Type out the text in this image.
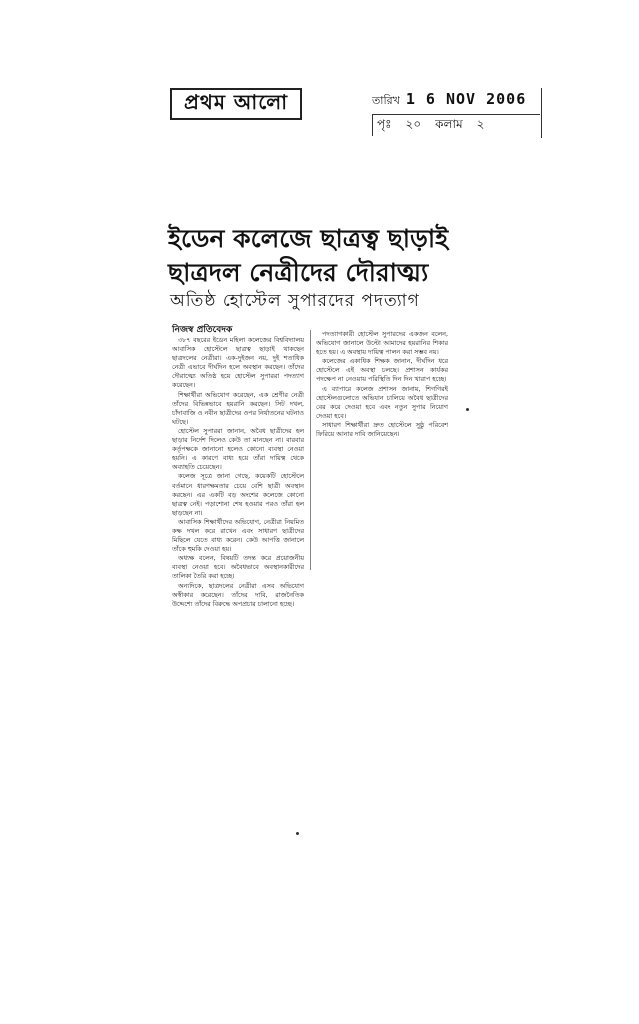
প্রথম আলো	তারিখ 1 6 NOV 2006
পৃঃ ২০ কলাম ২
ইডেন কলেজে ছাত্রত্ব ছাড়াই
ছাত্রদল নেত্রীদের দৌরাত্ম্য
অতিষ্ঠ হোস্টেল সুপারদের পদত্যাগ
নিজস্ব প্রতিবেদক

৩৮৭ বছরের ইডেন মহিলা কলেজের বিশ্ববিদ্যালয় আবাসিক হোস্টেলে ছাত্রত্ব ছাড়াই থাকছেন ছাত্রদলের নেত্রীরা। এক-দুইজন নয়, দুই শতাধিক নেত্রী এভাবে দীর্ঘদিন হলে অবস্থান করছেন। তাঁদের দৌরাত্ম্যে অতিষ্ঠ হয়ে হোস্টেল সুপাররা পদত্যাগ করেছেন।

শিক্ষার্থীরা অভিযোগ করেছেন, এক শ্রেণীর নেত্রী তাঁদের বিভিন্নভাবে হয়রানি করছেন। সিট দখল, চাঁদাবাজি ও নবীন ছাত্রীদের ওপর নির্যাতনের ঘটনাও ঘটছে।

হোস্টেল সুপাররা জানান, অবৈধ ছাত্রীদের হল ছাড়ার নির্দেশ দিলেও কেউ তা মানছেন না। বারবার কর্তৃপক্ষকে জানানো হলেও কোনো ব্যবস্থা নেওয়া হয়নি। এ কারণে বাধ্য হয়ে তাঁরা দায়িত্ব থেকে অব্যাহতি চেয়েছেন।

কলেজ সূত্রে জানা গেছে, কয়েকটি হোস্টেলে বর্তমানে ধারণক্ষমতার চেয়ে বেশি ছাত্রী অবস্থান করছেন। এর একটি বড় অংশের কলেজে কোনো ছাত্রত্ব নেই। পড়াশোনা শেষ হওয়ার পরও তাঁরা হল ছাড়ছেন না।

আবাসিক শিক্ষার্থীদের অভিযোগ, নেত্রীরা নিয়মিত কক্ষ দখল করে রাখেন এবং সাধারণ ছাত্রীদের মিছিলে যেতে বাধ্য করেন। কেউ আপত্তি জানালে তাঁকে হুমকি দেওয়া হয়।

অধ্যক্ষ বলেন, বিষয়টি তদন্ত করে প্রয়োজনীয় ব্যবস্থা নেওয়া হবে। অবৈধভাবে অবস্থানকারীদের তালিকা তৈরি করা হচ্ছে।

অন্যদিকে, ছাত্রদলের নেত্রীরা এসব অভিযোগ অস্বীকার করেছেন। তাঁদের দাবি, রাজনৈতিক উদ্দেশ্যে তাঁদের বিরুদ্ধে অপপ্রচার চালানো হচ্ছে।

পদত্যাগকারী হোস্টেল সুপারদের একজন বলেন, অভিযোগ জানালে উল্টো আমাদের হয়রানির শিকার হতে হয়। এ অবস্থায় দায়িত্ব পালন করা সম্ভব নয়।

কলেজের একাধিক শিক্ষক জানান, দীর্ঘদিন ধরে হোস্টেলে এই অবস্থা চলছে। প্রশাসন কার্যকর পদক্ষেপ না নেওয়ায় পরিস্থিতি দিন দিন খারাপ হচ্ছে।

এ ব্যাপারে কলেজ প্রশাসন জানায়, শিগগিরই হোস্টেলগুলোতে অভিযান চালিয়ে অবৈধ ছাত্রীদের বের করে দেওয়া হবে এবং নতুন সুপার নিয়োগ দেওয়া হবে।

সাধারণ শিক্ষার্থীরা দ্রুত হোস্টেলে সুষ্ঠু পরিবেশ ফিরিয়ে আনার দাবি জানিয়েছেন।
